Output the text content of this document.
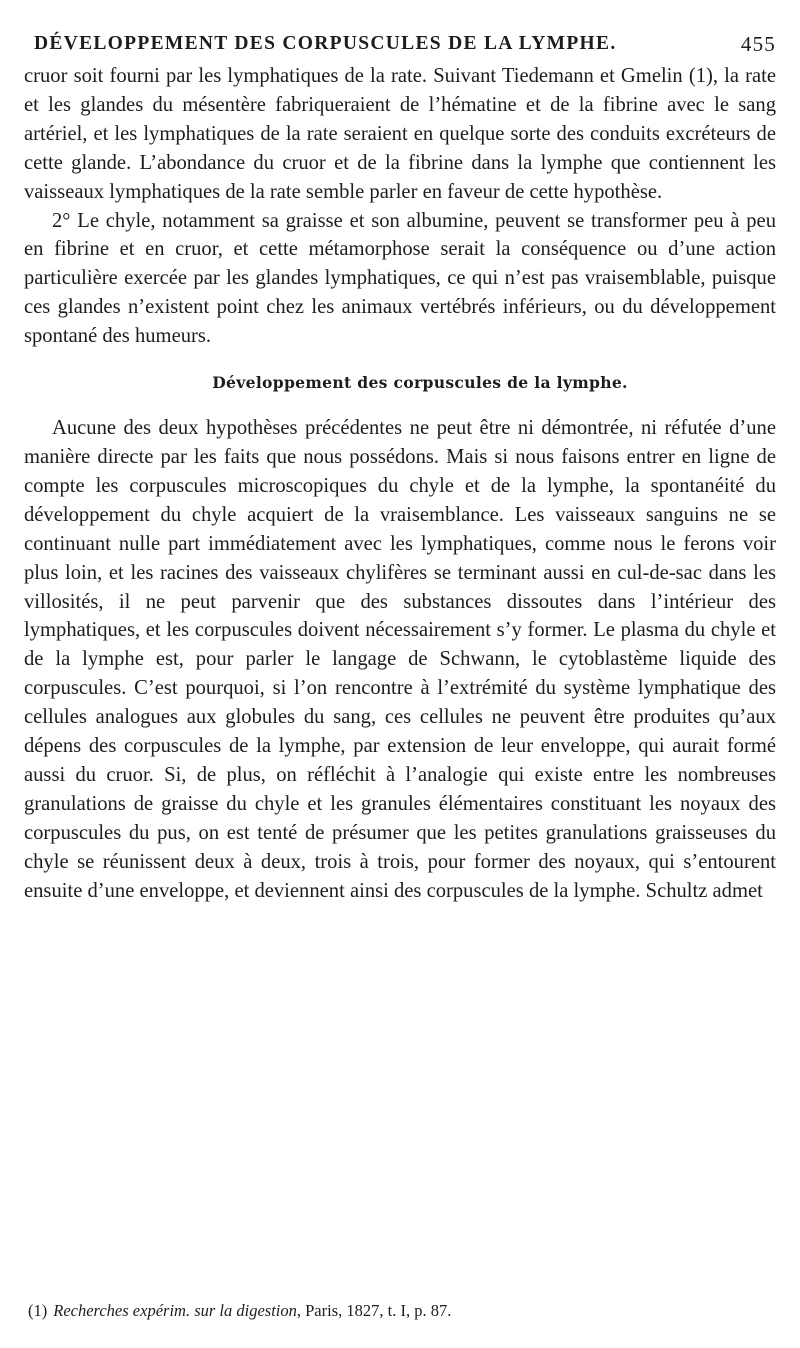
DÉVELOPPEMENT DES CORPUSCULES DE LA LYMPHE.	455

cruor soit fourni par les lymphatiques de la rate. Suivant Tiedemann et Gmelin (1), la rate et les glandes du mésentère fabriqueraient de l’hématine et de la fibrine avec le sang artériel, et les lymphatiques de la rate seraient en quelque sorte des conduits excréteurs de cette glande. L’abondance du cruor et de la fibrine dans la lymphe que contiennent les vaisseaux lymphatiques de la rate semble parler en faveur de cette hypothèse.

2° Le chyle, notamment sa graisse et son albumine, peuvent se transformer peu à peu en fibrine et en cruor, et cette métamorphose serait la conséquence ou d’une action particulière exercée par les glandes lymphatiques, ce qui n’est pas vraisemblable, puisque ces glandes n’existent point chez les animaux vertébrés inférieurs, ou du développement spontané des humeurs.

Développement des corpuscules de la lymphe.

Aucune des deux hypothèses précédentes ne peut être ni démontrée, ni réfutée d’une manière directe par les faits que nous possédons. Mais si nous faisons entrer en ligne de compte les corpuscules microscopiques du chyle et de la lymphe, la spontanéité du développement du chyle acquiert de la vraisemblance. Les vaisseaux sanguins ne se continuant nulle part immédiatement avec les lymphatiques, comme nous le ferons voir plus loin, et les racines des vaisseaux chylifères se terminant aussi en cul-de-sac dans les villosités, il ne peut parvenir que des substances dissoutes dans l’intérieur des lymphatiques, et les corpuscules doivent nécessairement s’y former. Le plasma du chyle et de la lymphe est, pour parler le langage de Schwann, le cytoblastème liquide des corpuscules. C’est pourquoi, si l’on rencontre à l’extrémité du système lymphatique des cellules analogues aux globules du sang, ces cellules ne peuvent être produites qu’aux dépens des corpuscules de la lymphe, par extension de leur enveloppe, qui aurait formé aussi du cruor. Si, de plus, on réfléchit à l’analogie qui existe entre les nombreuses granulations de graisse du chyle et les granules élémentaires constituant les noyaux des corpuscules du pus, on est tenté de présumer que les petites granulations graisseuses du chyle se réunissent deux à deux, trois à trois, pour former des noyaux, qui s’entourent ensuite d’une enveloppe, et deviennent ainsi des corpuscules de la lymphe. Schultz admet

(1) Recherches expérim. sur la digestion, Paris, 1827, t. I, p. 87.
